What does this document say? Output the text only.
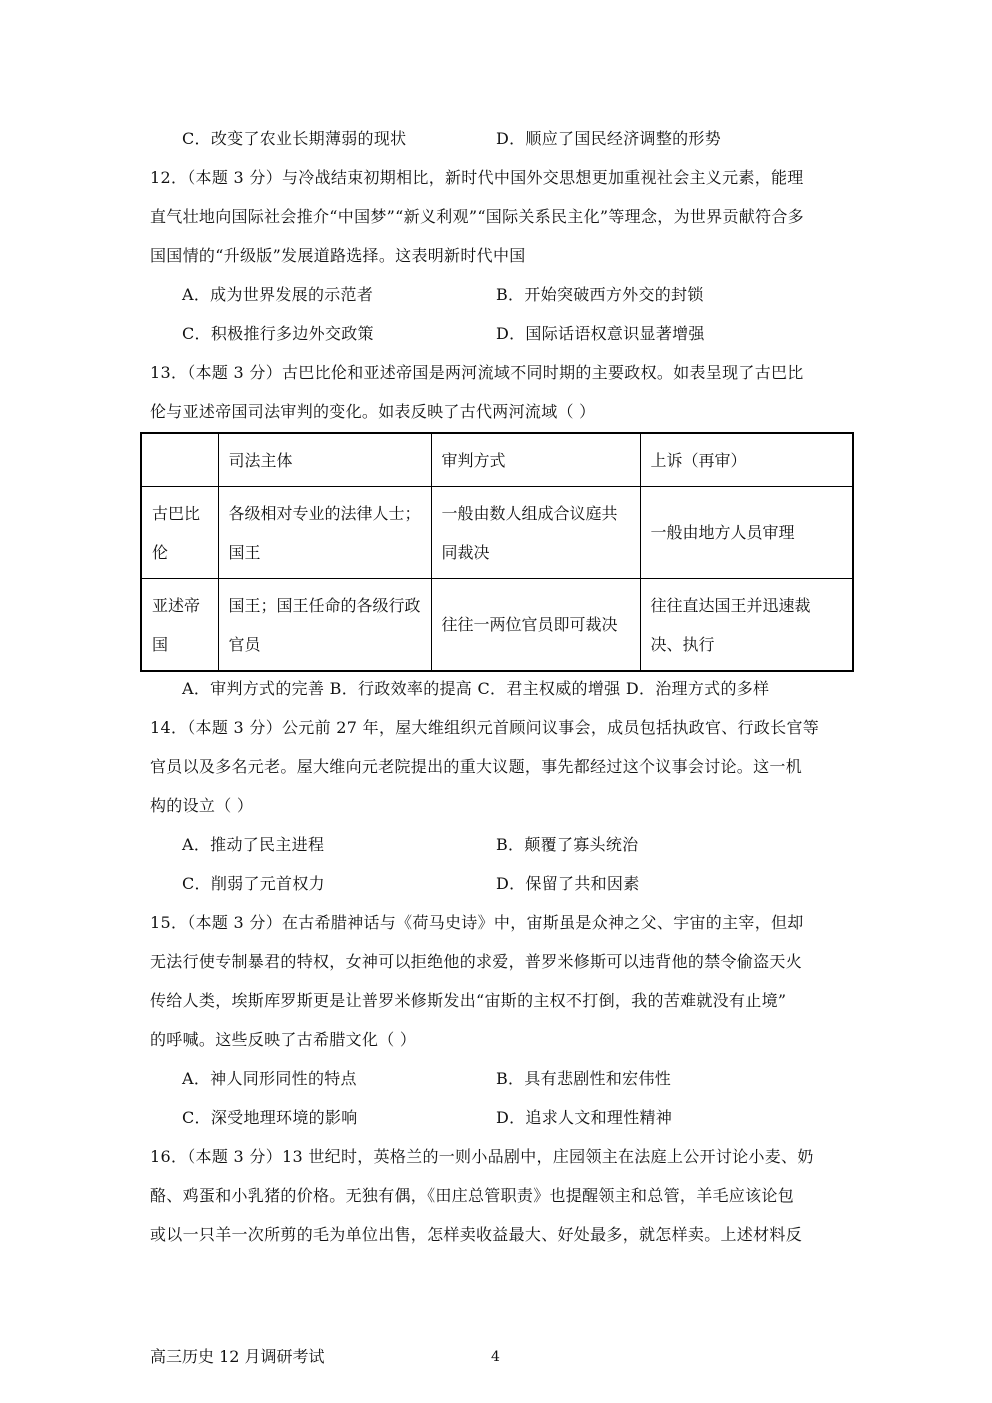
C．改变了农业长期薄弱的现状	D．顺应了国民经济调整的形势
12．（本题 3 分）与冷战结束初期相比，新时代中国外交思想更加重视社会主义元素，能理
直气壮地向国际社会推介“中国梦”“新义利观”“国际关系民主化”等理念，为世界贡献符合多
国国情的“升级版”发展道路选择。这表明新时代中国
A．成为世界发展的示范者	B．开始突破西方外交的封锁
C．积极推行多边外交政策	D．国际话语权意识显著增强
13．（本题 3 分）古巴比伦和亚述帝国是两河流域不同时期的主要政权。如表呈现了古巴比
伦与亚述帝国司法审判的变化。如表反映了古代两河流域（ ）
	司法主体	审判方式	上诉（再审）
古巴比伦	各级相对专业的法律人士；国王	一般由数人组成合议庭共同裁决	一般由地方人员审理
亚述帝国	国王；国王任命的各级行政官员	往往一两位官员即可裁决	往往直达国王并迅速裁决、执行
A．审判方式的完善 B．行政效率的提高 C．君主权威的增强 D．治理方式的多样
14．（本题 3 分）公元前 27 年，屋大维组织元首顾问议事会，成员包括执政官、行政长官等
官员以及多名元老。屋大维向元老院提出的重大议题，事先都经过这个议事会讨论。这一机
构的设立（ ）
A．推动了民主进程	B．颠覆了寡头统治
C．削弱了元首权力	D．保留了共和因素
15．（本题 3 分）在古希腊神话与《荷马史诗》中，宙斯虽是众神之父、宇宙的主宰，但却
无法行使专制暴君的特权，女神可以拒绝他的求爱，普罗米修斯可以违背他的禁令偷盗天火
传给人类，埃斯库罗斯更是让普罗米修斯发出“宙斯的主权不打倒，我的苦难就没有止境”
的呼喊。这些反映了古希腊文化（ ）
A．神人同形同性的特点	B．具有悲剧性和宏伟性
C．深受地理环境的影响	D．追求人文和理性精神
16．（本题 3 分）13 世纪时，英格兰的一则小品剧中，庄园领主在法庭上公开讨论小麦、奶
酪、鸡蛋和小乳猪的价格。无独有偶，《田庄总管职责》也提醒领主和总管，羊毛应该论包
或以一只羊一次所剪的毛为单位出售，怎样卖收益最大、好处最多，就怎样卖。上述材料反
高三历史 12 月调研考试	4
